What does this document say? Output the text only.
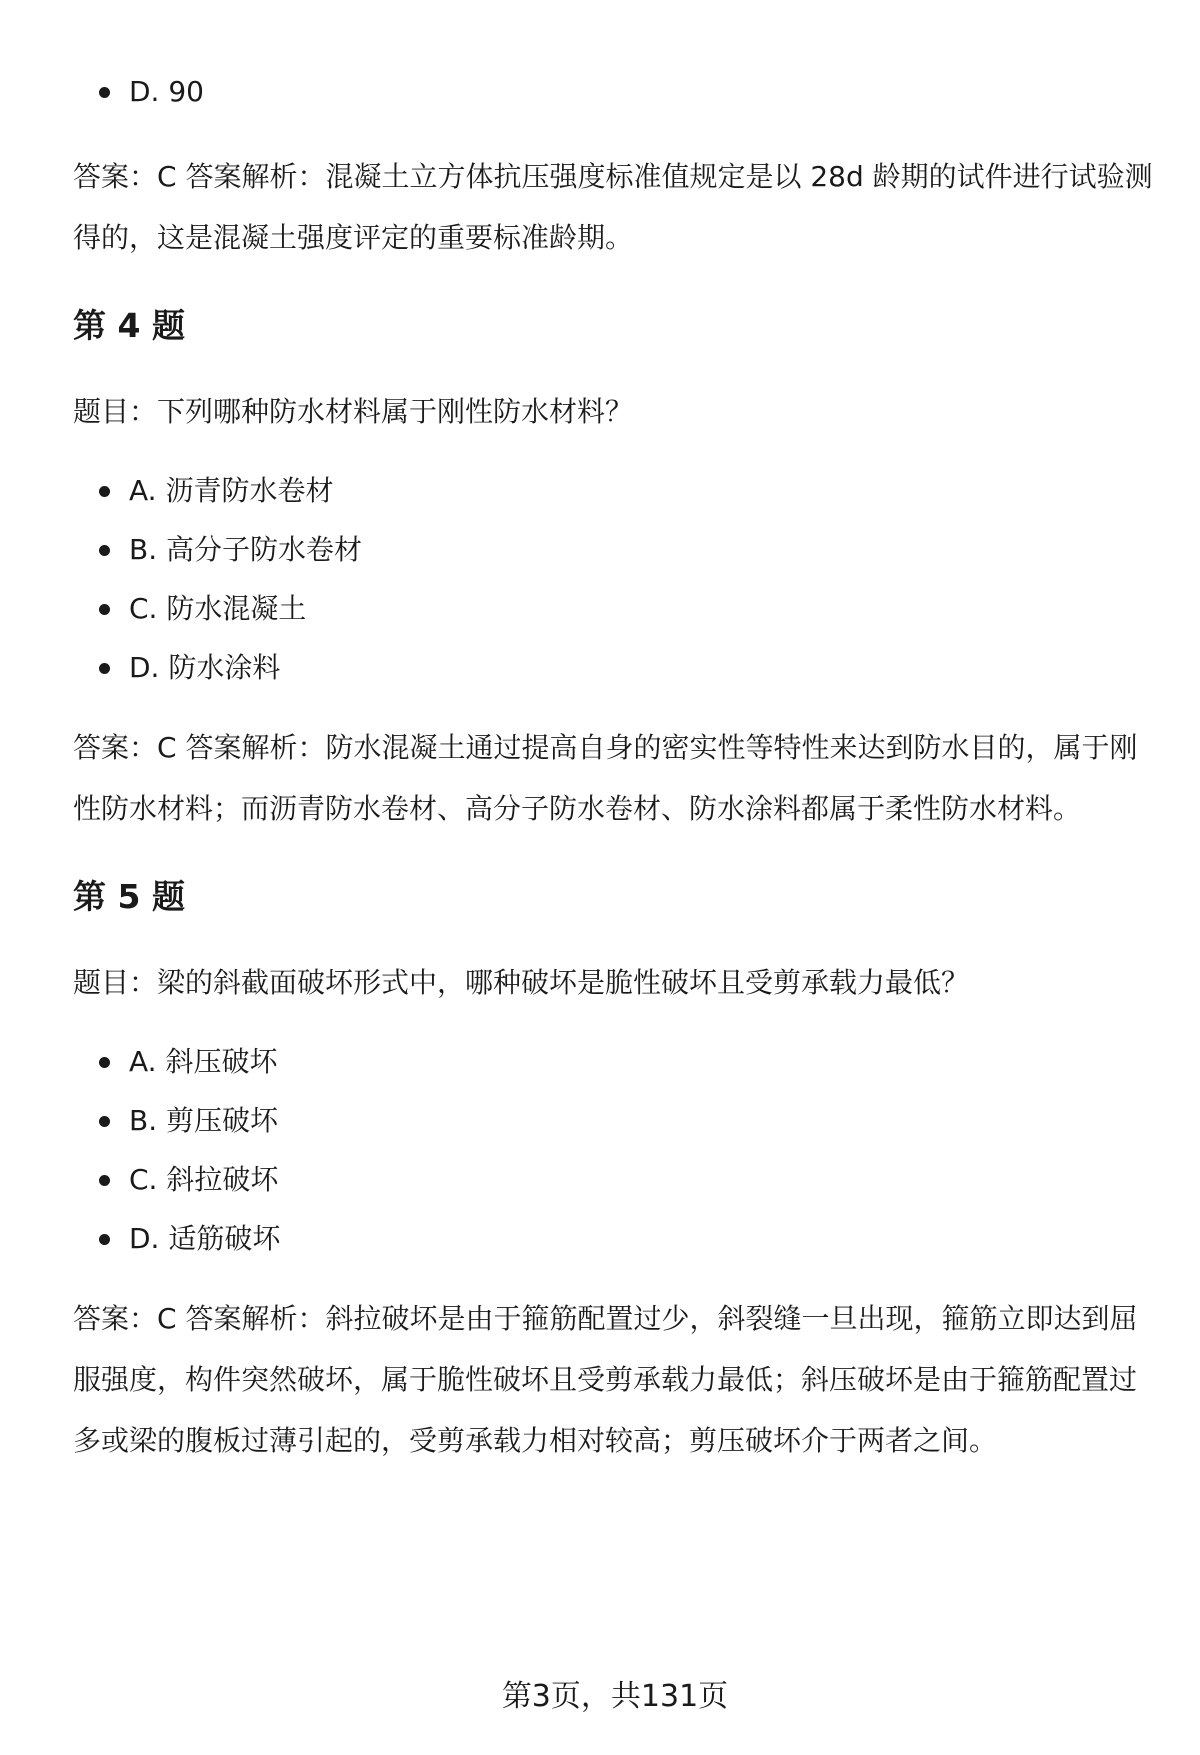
D. 90

答案：C 答案解析：混凝土立方体抗压强度标准值规定是以 28d 龄期的试件进行试验测得的，这是混凝土强度评定的重要标准龄期。

第 4 题

题目：下列哪种防水材料属于刚性防水材料？

A. 沥青防水卷材
B. 高分子防水卷材
C. 防水混凝土
D. 防水涂料

答案：C 答案解析：防水混凝土通过提高自身的密实性等特性来达到防水目的，属于刚性防水材料；而沥青防水卷材、高分子防水卷材、防水涂料都属于柔性防水材料。

第 5 题

题目：梁的斜截面破坏形式中，哪种破坏是脆性破坏且受剪承载力最低？

A. 斜压破坏
B. 剪压破坏
C. 斜拉破坏
D. 适筋破坏

答案：C 答案解析：斜拉破坏是由于箍筋配置过少，斜裂缝一旦出现，箍筋立即达到屈服强度，构件突然破坏，属于脆性破坏且受剪承载力最低；斜压破坏是由于箍筋配置过多或梁的腹板过薄引起的，受剪承载力相对较高；剪压破坏介于两者之间。

第3页，共131页
